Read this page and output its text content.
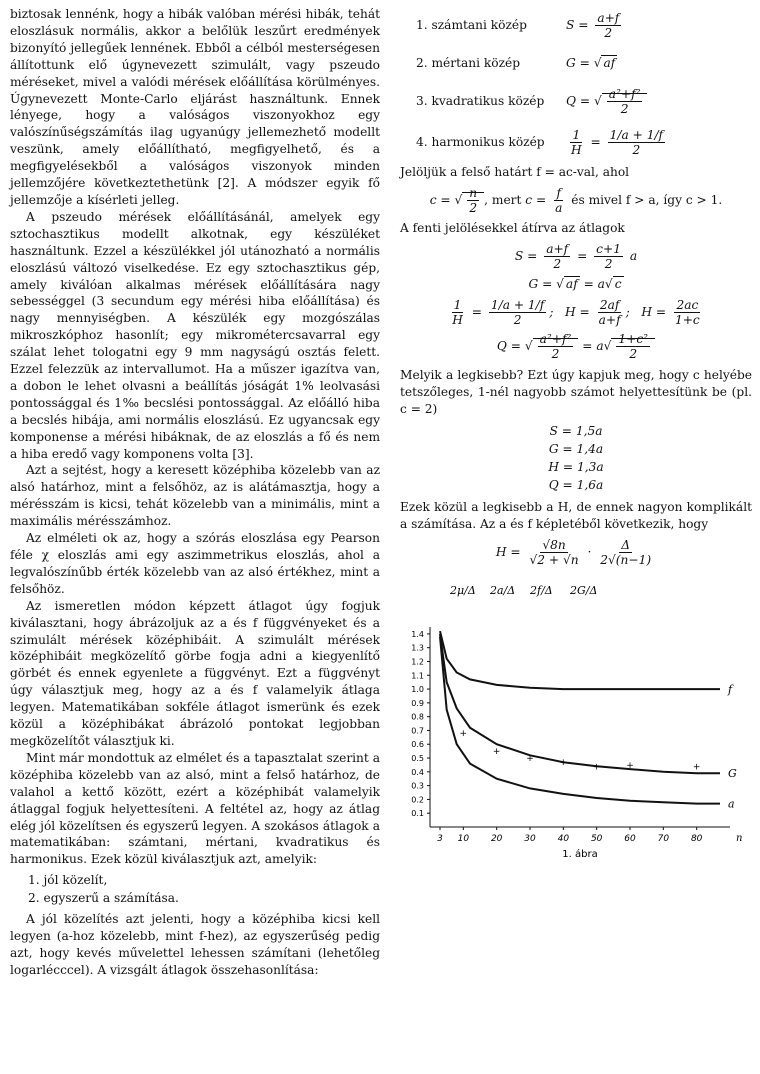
biztosak lennénk, hogy a hibák valóban mérési hibák, tehát eloszlásuk normális, akkor a belőlük leszűrt eredmények bizonyító jellegűek lennének. Ebből a célból mesterségesen állítottunk elő úgynevezett szimulált, vagy pszeudo méréseket, mivel a valódi mérések előállítása körülményes. Úgynevezett Monte-Carlo eljárást használtunk. Ennek lényege, hogy a valóságos viszonyokhoz egy valószínűségszámítás ilag ugyanúgy jellemezhető modellt veszünk, amely előállítható, megfigyelhető, és a megfigyelésekből a valóságos viszonyok minden jellemzőjére következtethetünk [2]. A módszer egyik fő jellemzője a kísérleti jelleg.

A pszeudo mérések előállításánál, amelyek egy sztochasztikus modellt alkotnak, egy készüléket használtunk. Ezzel a készülékkel jól utánozható a normális eloszlású változó viselkedése. Ez egy sztochasztikus gép, amely kiválóan alkalmas mérések előállítására nagy sebességgel (3 secundum egy mérési hiba előállítása) és nagy mennyiségben. A készülék egy mozgószálas mikroszkóphoz hasonlít; egy mikrométercsavarral egy szálat lehet tologatni egy 9 mm nagyságú osztás felett. Ezzel felezzük az intervallumot. Ha a műszer igazítva van, a dobon le lehet olvasni a beállítás jóságát 1% leolvasási pontossággal és 1‰ becslési pontossággal. Az előálló hiba a becslés hibája, ami normális eloszlású. Ez ugyancsak egy komponense a mérési hibáknak, de az eloszlás a fő és nem a hiba eredő vagy komponens volta [3].

Azt a sejtést, hogy a keresett középhiba közelebb van az alsó határhoz, mint a felsőhöz, az is alátámasztja, hogy a mérésszám is kicsi, tehát közelebb van a minimális, mint a maximális mérésszámhoz.

Az elméleti ok az, hogy a szórás eloszlása egy Pearson féle χ eloszlás ami egy aszimmetrikus eloszlás, ahol a legvalószínűbb érték közelebb van az alsó értékhez, mint a felsőhöz.

Az ismeretlen módon képzett átlagot úgy fogjuk kiválasztani, hogy ábrázoljuk az a és f függvényeket és a szimulált mérések középhibáit. A szimulált mérések középhibáit megközelítő görbe fogja adni a kiegyenlítő görbét és ennek egyenlete a függvényt. Ezt a függvényt úgy választjuk meg, hogy az a és f valamelyik átlaga legyen. Matematikában sokféle átlagot ismerünk és ezek közül a középhibákat ábrázoló pontokat legjobban megközelítőt választjuk ki.

Mint már mondottuk az elmélet és a tapasztalat szerint a középhiba közelebb van az alsó, mint a felső határhoz, de valahol a kettő között, ezért a középhibát valamelyik átlaggal fogjuk helyettesíteni. A feltétel az, hogy az átlag elég jól közelítsen és egyszerű legyen. A szokásos átlagok a matematikában: számtani, mértani, kvadratikus és harmonikus. Ezek közül kiválasztjuk azt, amelyik:

1. jól közelít,
2. egyszerű a számítása.

A jól közelítés azt jelenti, hogy a középhiba kicsi kell legyen (a-hoz közelebb, mint f-hez), az egyszerűség pedig azt, hogy kevés művelettel lehessen számítani (lehetőleg logarlécccel). A vizsgált átlagok összehasonlítása:

1. számtani közép	$S = \frac{a+f}{2}$
2. mértani közép	G = √ af
3. kvadratikus közép	Q = √ $\frac{\text{a²+f²}}{2}$
4. harmonikus közép	$\frac{1}{H} = \frac{1/a + 1/f}{2}$

Jelöljük a felső határt f = ac-val, ahol

c = √ $\frac{n}{2}$ , mert $c = \frac{f}{a}$ és mivel f > a, így c > 1.

A fenti jelölésekkel átírva az átlagok

$S = \frac{a+f}{2} = \frac{c+1}{2}$ a
G = √ af = a√ c
$\frac{1}{H} = \frac{1/a + 1/f}{2}$ ;   $H = \frac{2af}{a+f}$ ;   $H = \frac{2ac}{1+c}$
Q = √ $\frac{\text{a²+f²}}{2} = a√ \frac{\text{1+c²}}{2}$

Melyik a legkisebb? Ezt úgy kapjuk meg, hogy c helyébe tetszőleges, 1-nél nagyobb számot helyettesítünk be (pl. c = 2)

S = 1,5a
G = 1,4a
H = 1,3a
Q = 1,6a

Ezek közül a legkisebb a H, de ennek nagyon komplikált a számítása. Az a és f képletéből következik, hogy

$H = \frac{√8n}{√2 + √n} \cdot \frac{\Delta}{2√(n-1)}$
2μ/Δ 2a/Δ 2f/Δ 2G/Δ
0.1
0.2
0.3
0.4
0.5
0.6
0.7
0.8
0.9
1.0
1.1
1.2
1.3
1.4
3 10 20 30 40 50 60 70 80	n
f
G
a
+
+
+	+	+	+	+
1. ábra
